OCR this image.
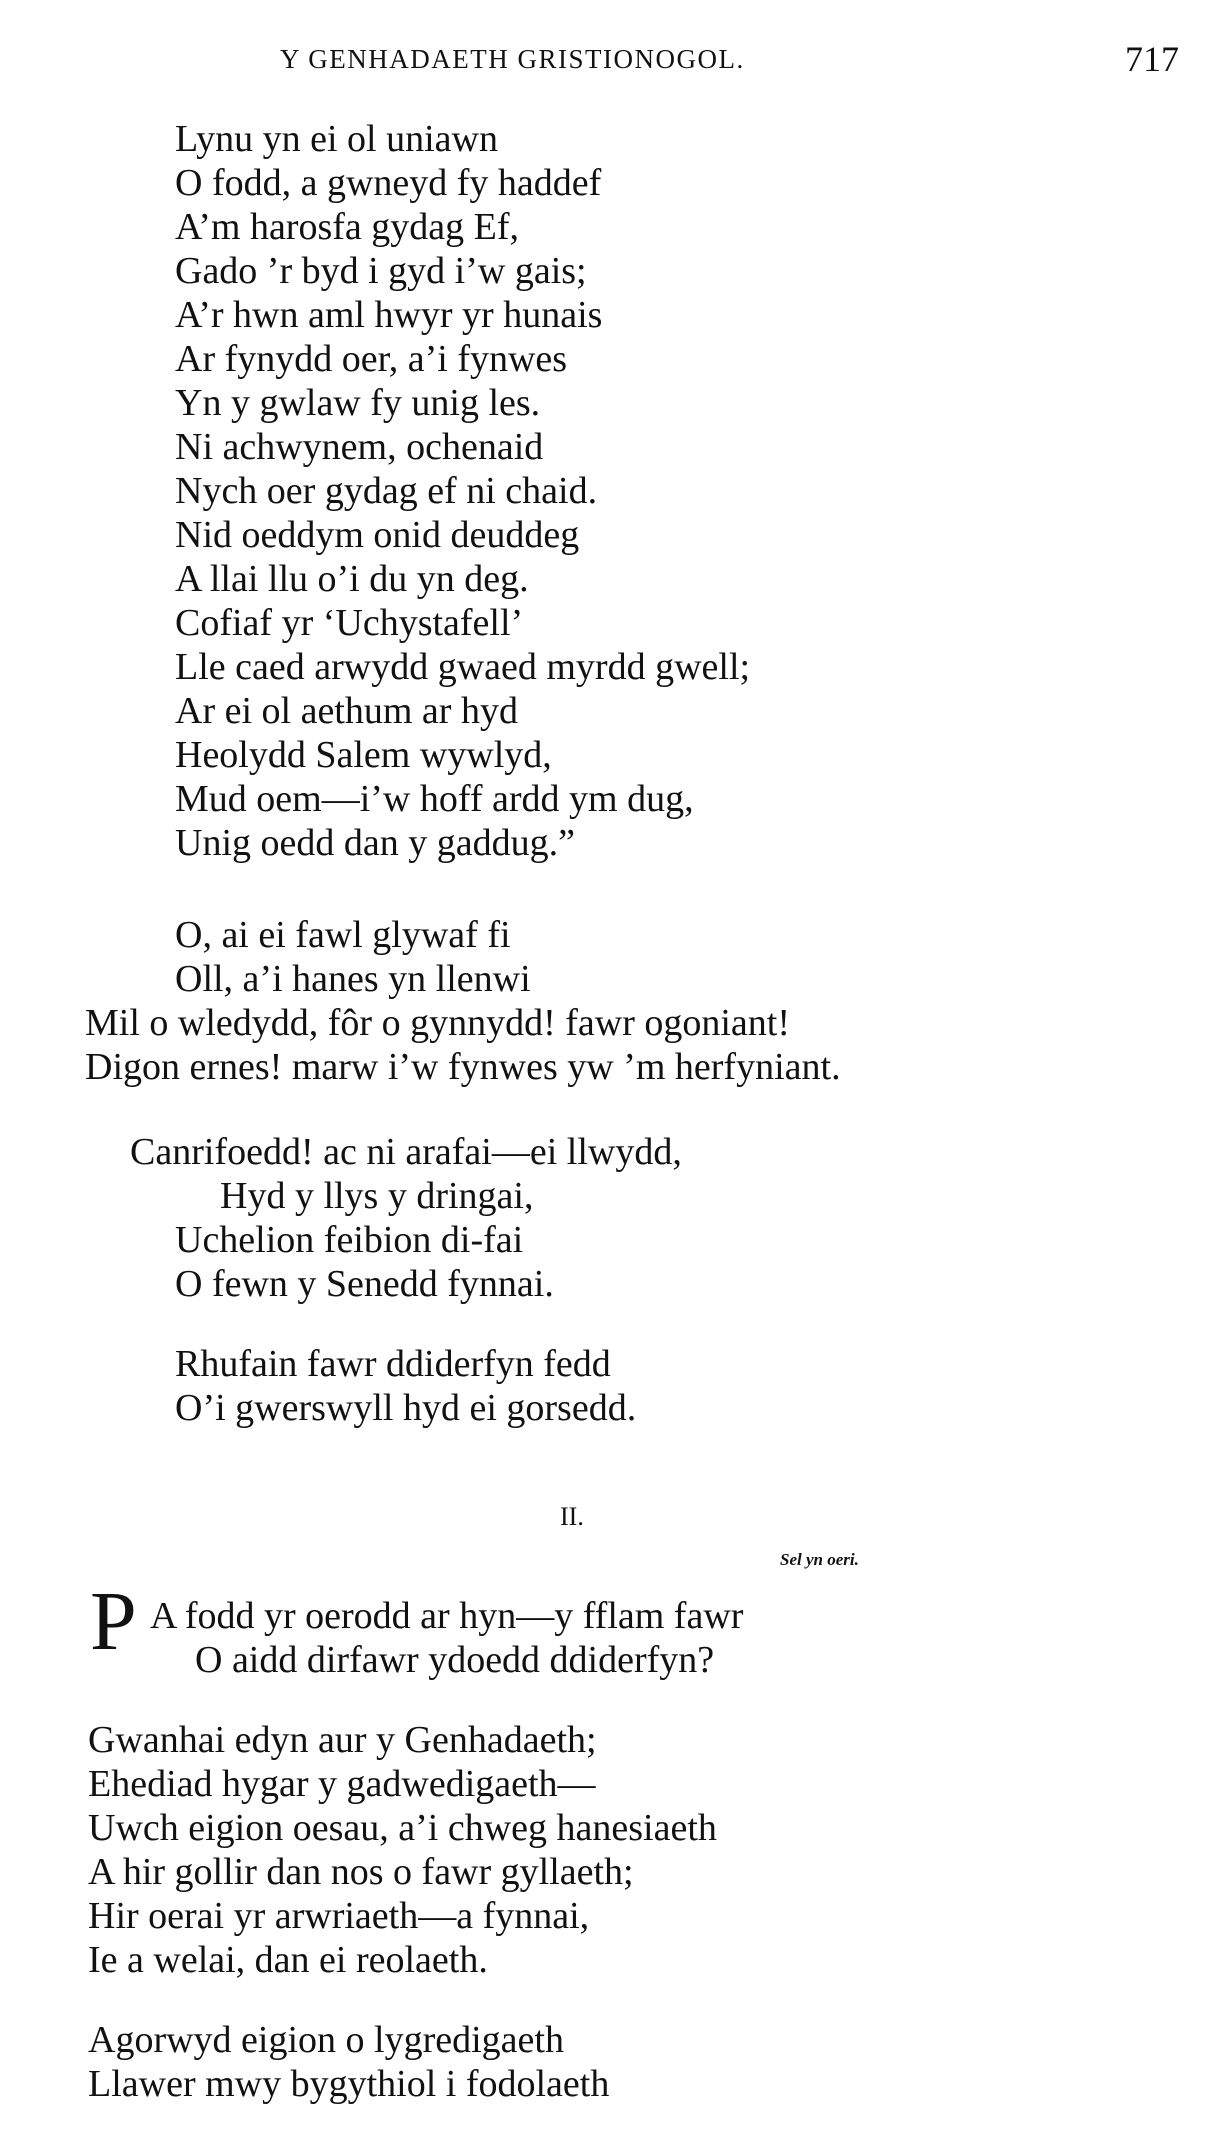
Y GENHADAETH GRISTIONOGOL.	717
Lynu yn ei ol uniawn
O fodd, a gwneyd fy haddef
A’m harosfa gydag Ef,
Gado ’r byd i gyd i’w gais;
A’r hwn aml hwyr yr hunais
Ar fynydd oer, a’i fynwes
Yn y gwlaw fy unig les.
Ni achwynem, ochenaid
Nych oer gydag ef ni chaid.
Nid oeddym onid deuddeg
A llai llu o’i du yn deg.
Cofiaf yr ‘Uchystafell’
Lle caed arwydd gwaed myrdd gwell;
Ar ei ol aethum ar hyd
Heolydd Salem wywlyd,
Mud oem—i’w hoff ardd ym dug,
Unig oedd dan y gaddug.”
O, ai ei fawl glywaf fi
Oll, a’i hanes yn llenwi
Mil o wledydd, fôr o gynnydd! fawr ogoniant!
Digon ernes! marw i’w fynwes yw ’m herfyniant.
Canrifoedd! ac ni arafai—ei llwydd,
Hyd y llys y dringai,
Uchelion feibion di-fai
O fewn y Senedd fynnai.
Rhufain fawr ddiderfyn fedd
O’i gwerswyll hyd ei gorsedd.
II.
Sel yn oeri.
P A fodd yr oerodd ar hyn—y fflam fawr
O aidd dirfawr ydoedd ddiderfyn?
Gwanhai edyn aur y Genhadaeth;
Ehediad hygar y gadwedigaeth—
Uwch eigion oesau, a’i chweg hanesiaeth
A hir gollir dan nos o fawr gyllaeth;
Hir oerai yr arwriaeth—a fynnai,
Ie a welai, dan ei reolaeth.
Agorwyd eigion o lygredigaeth
Llawer mwy bygythiol i fodolaeth
